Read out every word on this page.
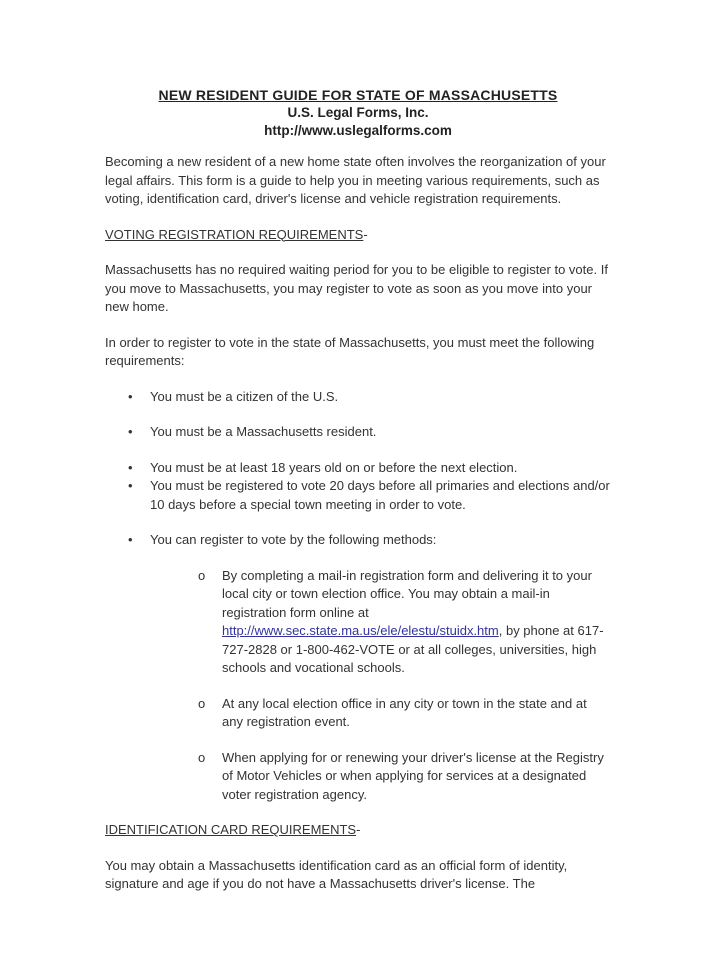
NEW RESIDENT GUIDE FOR STATE OF MASSACHUSETTS
U.S. Legal Forms, Inc.
http://www.uslegalforms.com

Becoming a new resident of a new home state often involves the reorganization of your legal affairs. This form is a guide to help you in meeting various requirements, such as voting, identification card, driver's license and vehicle registration requirements.

VOTING REGISTRATION REQUIREMENTS-

Massachusetts has no required waiting period for you to be eligible to register to vote. If you move to Massachusetts, you may register to vote as soon as you move into your new home.

In order to register to vote in the state of Massachusetts, you must meet the following requirements:

•	You must be a citizen of the U.S.
•	You must be a Massachusetts resident.
•	You must be at least 18 years old on or before the next election.
•	You must be registered to vote 20 days before all primaries and elections and/or 10 days before a special town meeting in order to vote.
•	You can register to vote by the following methods:
o	By completing a mail-in registration form and delivering it to your local city or town election office. You may obtain a mail-in registration form online at http://www.sec.state.ma.us/ele/elestu/stuidx.htm, by phone at 617-727-2828 or 1-800-462-VOTE or at all colleges, universities, high schools and vocational schools.
o	At any local election office in any city or town in the state and at any registration event.
o	When applying for or renewing your driver's license at the Registry of Motor Vehicles or when applying for services at a designated voter registration agency.
IDENTIFICATION CARD REQUIREMENTS-

You may obtain a Massachusetts identification card as an official form of identity, signature and age if you do not have a Massachusetts driver's license. The
